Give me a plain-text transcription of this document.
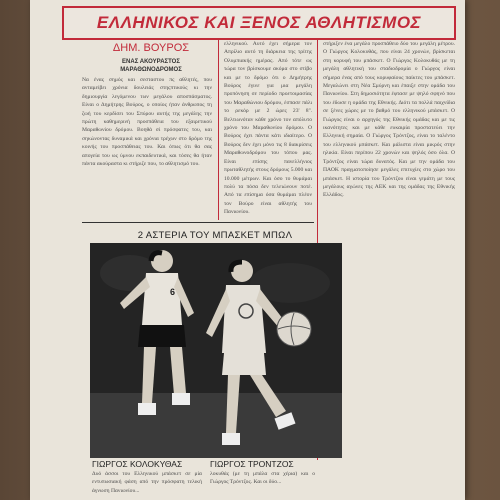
ΕΛΛΗΝΙΚΟΣ ΚΑΙ ΞΕΝΟΣ ΑΘΛΗΤΙΣΜΟΣ
ΔΗΜ. ΒΟΥΡΟΣ
ΕΝΑΣ ΑΚΟΥΡΑΣΤΟΣ
ΜΑΡΑΘΩΝΟΔΡΟΜΟΣ

Να ένας σημός και σεσταστου πς αθλητές, που ανταμείβει χρόνια δουλειάς στηςπτικούς κι την δημιουργία λεγόμενου των μεγάλου αποσπάσματος. Είναι ο Δημήτρης Βούρος, ο οποίος ήταν άνθρωπος τη ζωή του κερδίσει του Σπύρου αυτής της μεγάλης την πρώτη καθημερινή προσπάθεια του εξαιρετικού Μαραθωνίου δρόμου. Βοηθά σί πρόσφατες του, και σηκώνοντας δυναμικά και χρόνια τρέχων στο δρόμο της κοινής του προσπάθειας του. Και όπως ότι θα σας απογεία του ως ύμνου εκπαιδευτικά, και τόσες θα ήταν πάντα ακούραστα κι στήριζε που, το αθλητισμό του.

ελληνικού. Αυτό έχει σήμερα τον Απρίλιο αυτό τη διάρκεια της τρίτης Ολυμπιακής ημέρας. Από τότε ως τώρα τον βρίσκουμε ακόμα στο στίβο και με το δρόμο ότι ο Δημήτρης Βούρος έγινε για μια μεγάλη προπόνηση σε περίοδο προετοιμασίας του Μαραθώνιου δρόμου, έσπασε πάλι το ρεκόρ με 2 ώρες 23' 8''. Βελτιωνόταν κάθε χρόνο τον απόλυτο χρόνο του Μαραθωνίου δρόμου. Ο Βούρος έχει πάντα κάτι ιδιαίτερο. Ο Βούρος δεν έχει μόνο τις 8 διακρίσεις Μαραθωνοδρόμου του τόπου μας. Είναι επίσης πανελλήνιος πρωταθλητής στους δρόμους 5.000 και 10.000 μέτρων. Και όσο το θυμάμαι πολύ τα πόσα δεν τελειώνουν ποτέ. Από τα επίσημα όσα θυμάμαι πλέον τον Βούρο είναι αθλητής του Πανιωνίου.

στήριξεν ένα μεγάλο προσπάθειο δύο του μεγάλη μέτρου. Ο Γιώργος Κολοκυθάς, που είναι 24 χρονών, βρίσκεται στη κορυφή του μπάσκετ. Ο Γιώργος Κολοκυθάς με τη μεγάλη αθλητική του σταδιοδρομία ο Γιώργος είναι σήμερα ένας από τους κορυφαίους παίκτες του μπάσκετ. Μεγαλώνει στη Νέα Σμύρνη και έπαιξε στην ομάδα του Πανιωνίου. Στη δημοσιότητα έφτασε με ψηλό σφηνό που του έδωσε η ομάδα της Εθνικής. Διότι τα πολλά παιχνίδια σε ξένες χώρες με το βαθμό του ελληνικού μπάσκετ. Ο Γιώργος είναι ο αρχηγός της Εθνικής ομάδας και με τις ικανότητες και με κάθε ευκαιρία προστατεύει την Ελληνική σημαία. Ο Γιώργος Τρόντζος, είναι το ταλέντο του ελληνικού μπάσκετ. Και μάλιστα είναι μικρός στην ηλικία. Είναι περίπου 22 χρονών και ψηλός όσο όλα. Ο Τρόντζος είναι τώρα δυνατός. Και με την ομάδα του ΠΑΟΚ πραγματοποίησε μεγάλες επιτυχίες στο χώρο του μπάσκετ. Η ιστορία του Τρόντζου είναι γεμάτη με τους μεγάλους αγώνες της ΑΕΚ και της ομάδας της Εθνικής Ελλάδος.

2 ΑΣΤΕΡΙΑ ΤΟΥ ΜΠΑΣΚΕΤ ΜΠΩΛ
6
ΓΙΩΡΓΟΣ ΚΟΛΟΚΥΘΑΣ	ΓΙΩΡΓΟΣ ΤΡΟΝΤΖΟΣ

Δυό άσσοι του Ελληνικού μπάσκετ σε μία εντυπωσιακή φάση από την πρόσφατη τελική άγνωση Πανιωνίου...

λοκυθάς (με τη μπάλα στα χέρια) και ο Γιώργος Τρόντζος. Και οι δύο...
